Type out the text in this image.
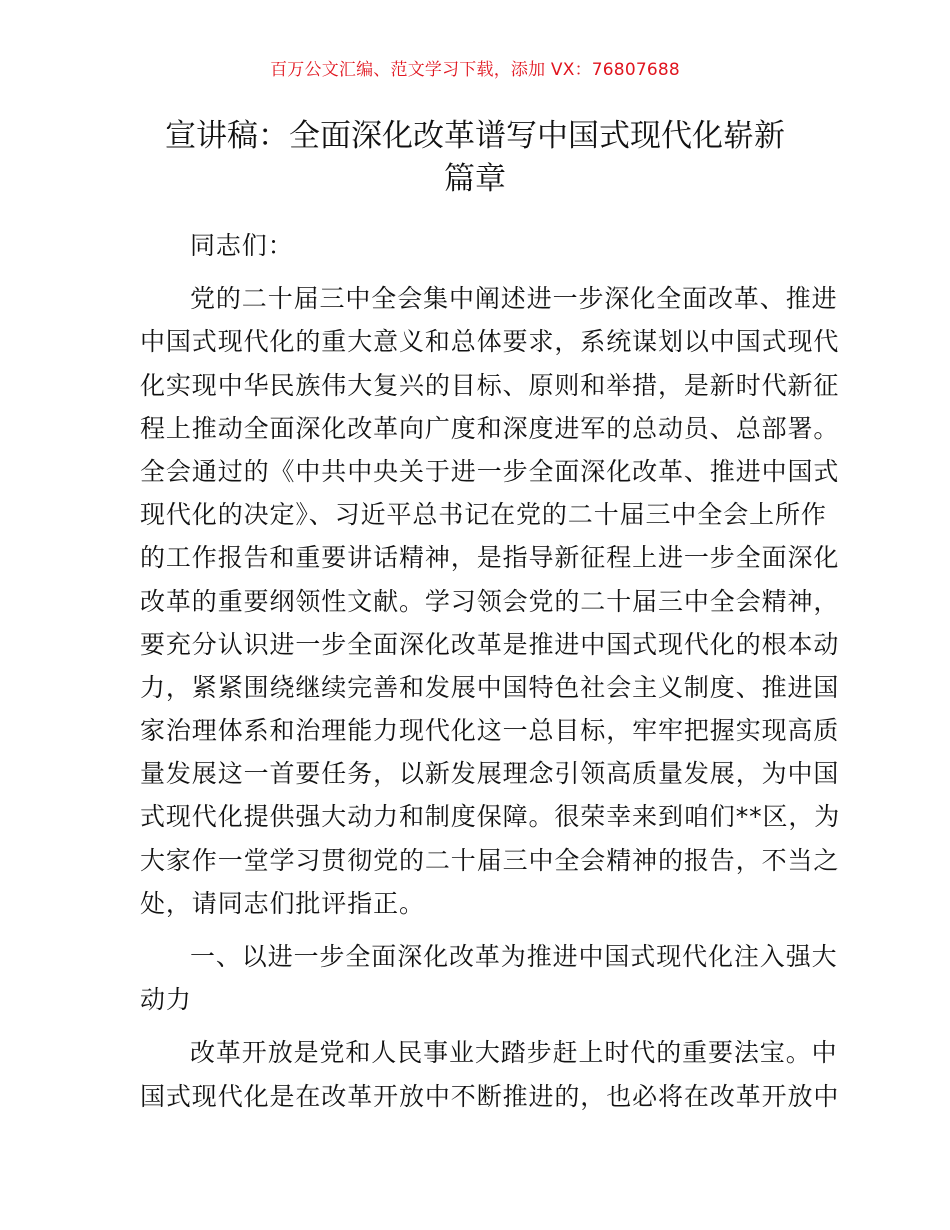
百万公文汇编、范文学习下载，添加 VX：76807688
宣讲稿：全面深化改革谱写中国式现代化崭新
篇章
同志们：
党的二十届三中全会集中阐述进一步深化全面改革、推进
中国式现代化的重大意义和总体要求，系统谋划以中国式现代
化实现中华民族伟大复兴的目标、原则和举措，是新时代新征
程上推动全面深化改革向广度和深度进军的总动员、总部署。
全会通过的《中共中央关于进一步全面深化改革、推进中国式
现代化的决定》、习近平总书记在党的二十届三中全会上所作
的工作报告和重要讲话精神，是指导新征程上进一步全面深化
改革的重要纲领性文献。学习领会党的二十届三中全会精神，
要充分认识进一步全面深化改革是推进中国式现代化的根本动
力，紧紧围绕继续完善和发展中国特色社会主义制度、推进国
家治理体系和治理能力现代化这一总目标，牢牢把握实现高质
量发展这一首要任务，以新发展理念引领高质量发展，为中国
式现代化提供强大动力和制度保障。很荣幸来到咱们**区，为
大家作一堂学习贯彻党的二十届三中全会精神的报告，不当之
处，请同志们批评指正。
一、以进一步全面深化改革为推进中国式现代化注入强大
动力
改革开放是党和人民事业大踏步赶上时代的重要法宝。中
国式现代化是在改革开放中不断推进的，也必将在改革开放中
